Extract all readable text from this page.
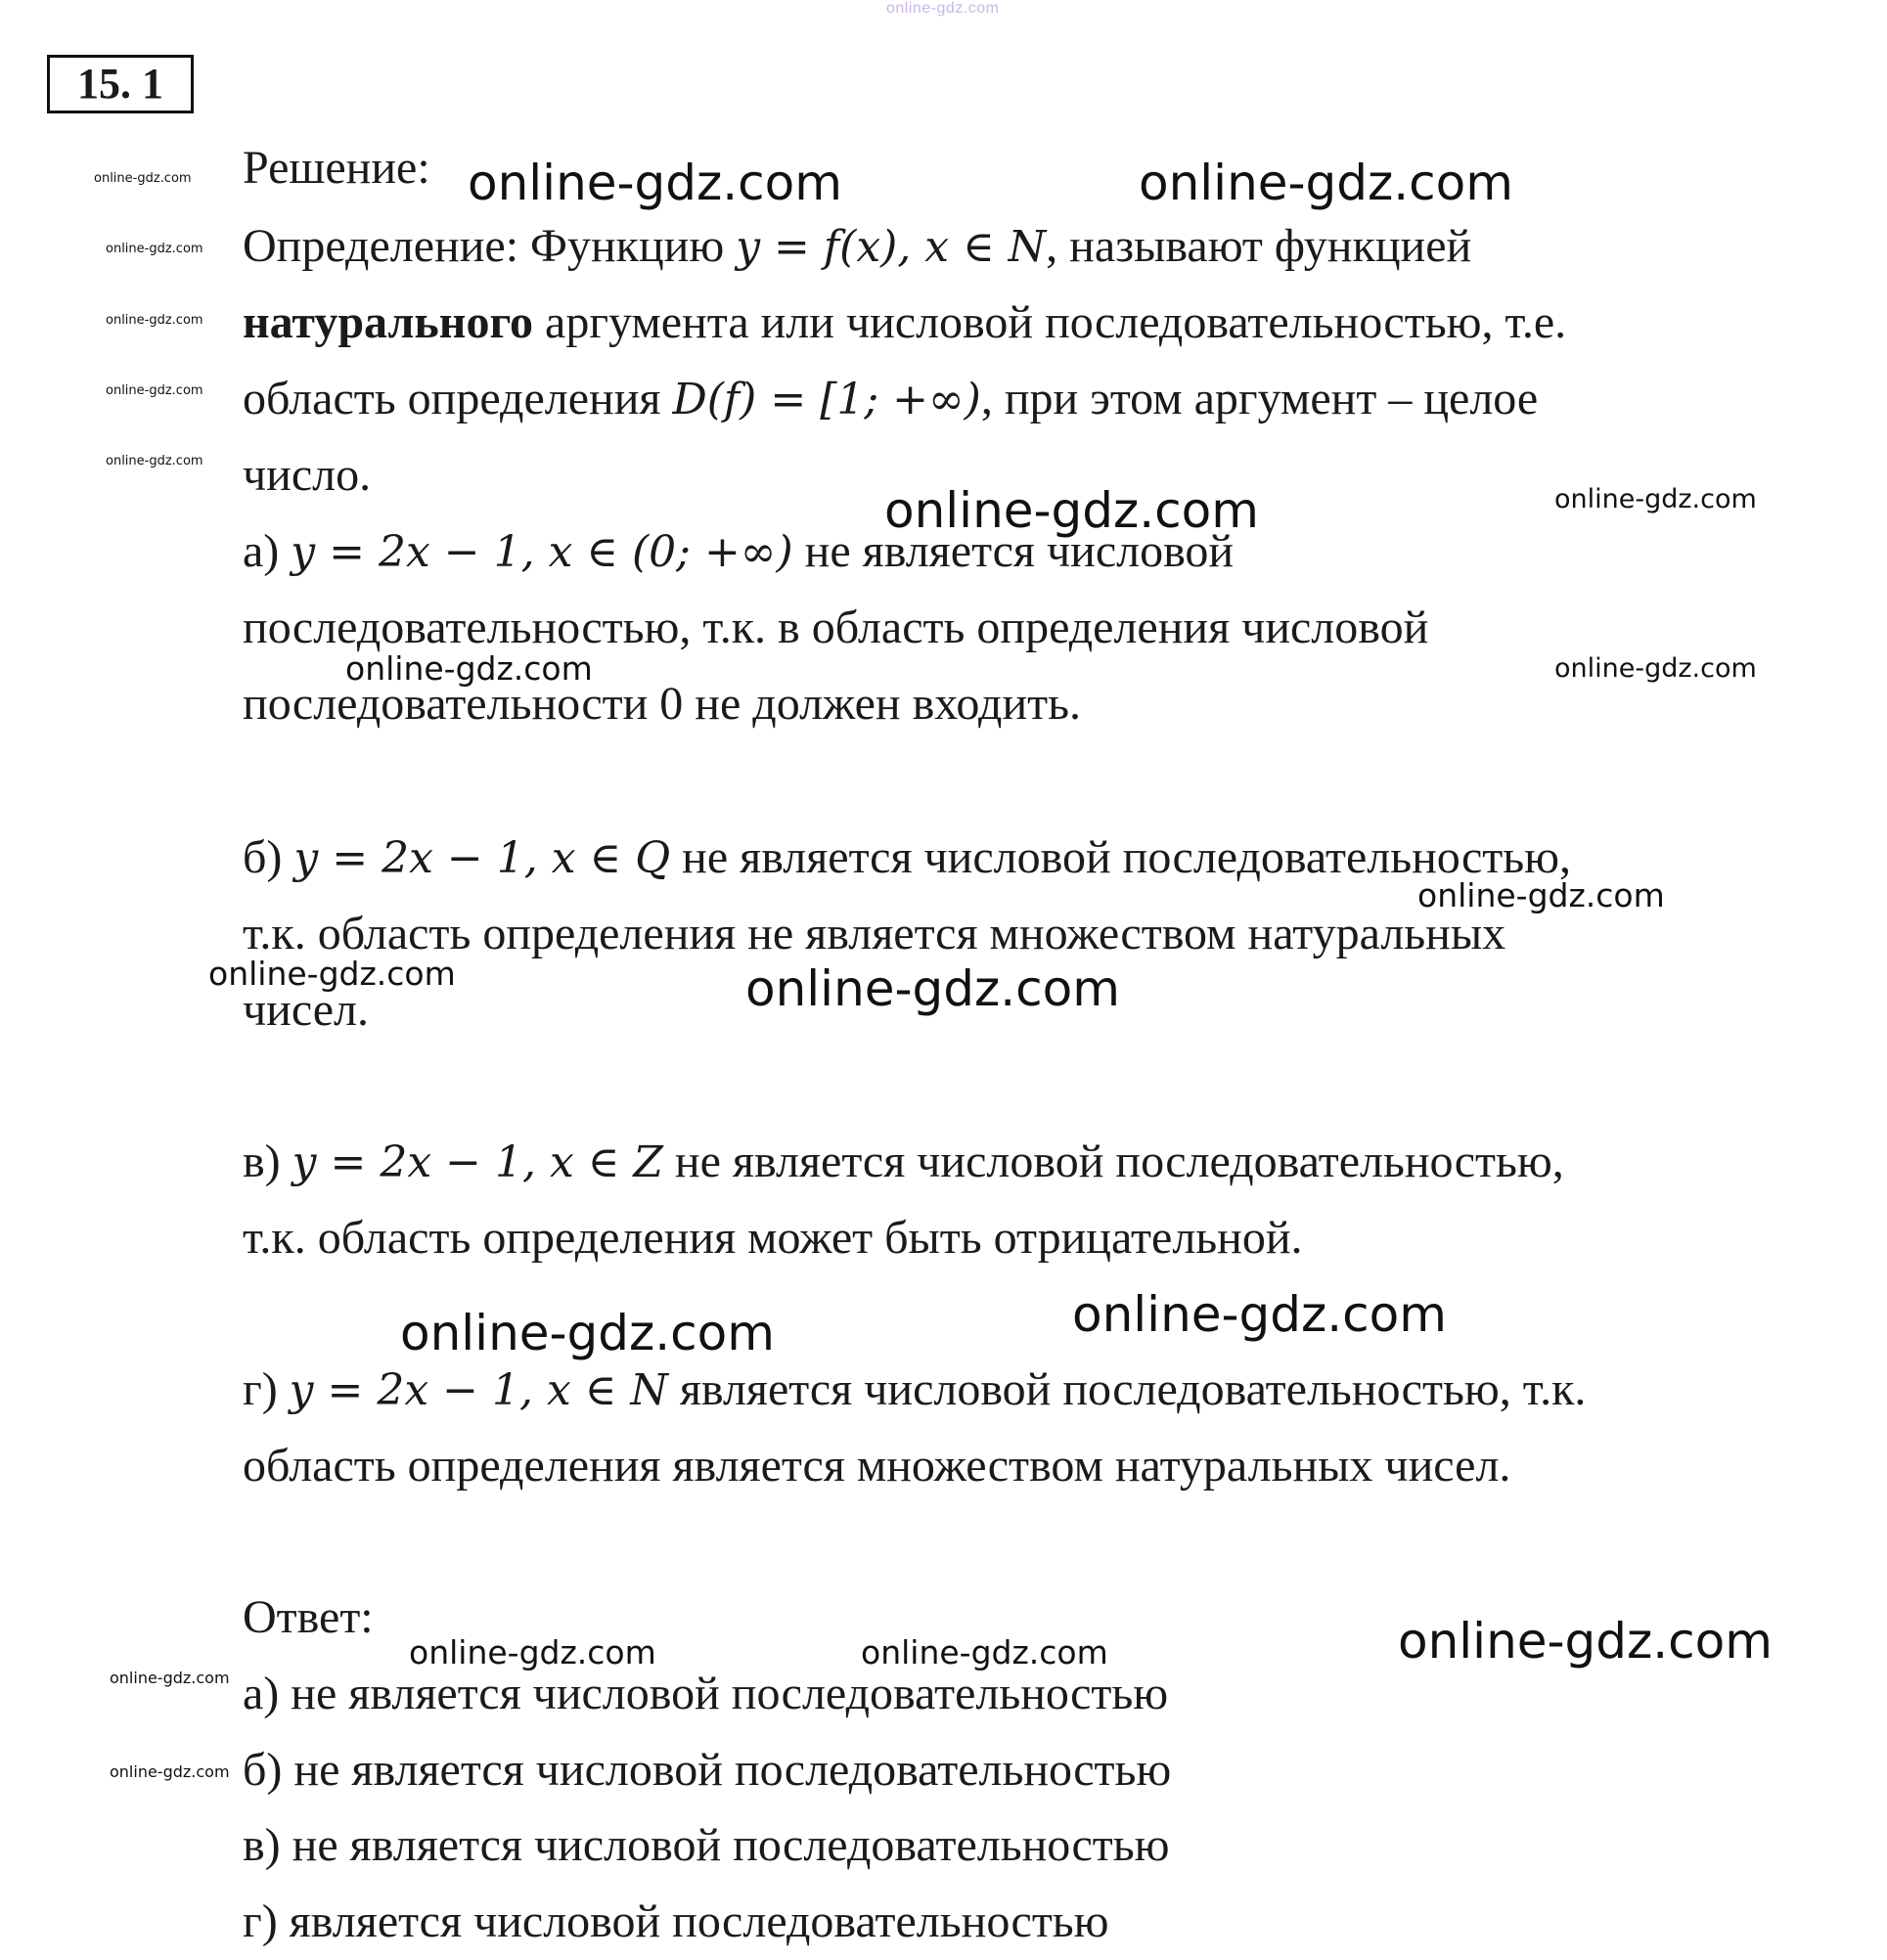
online-gdz.com
15. 1
Решение:
Определение: Функцию y = f(x), x ∈ N, называют функцией
натурального аргумента или числовой последовательностью, т.е.
область определения D(f) = [1; +∞), при этом аргумент – целое
число.
а) y = 2x − 1, x ∈ (0; +∞) не является числовой
последовательностью, т.к. в область определения числовой
последовательности 0 не должен входить.
б) y = 2x − 1, x ∈ Q не является числовой последовательностью,
т.к. область определения не является множеством натуральных
чисел.
в) y = 2x − 1, x ∈ Z не является числовой последовательностью,
т.к. область определения может быть отрицательной.
г) y = 2x − 1, x ∈ N является числовой последовательностью, т.к.
область определения является множеством натуральных чисел.
Ответ:
а) не является числовой последовательностью
б) не является числовой последовательностью
в) не является числовой последовательностью
г) является числовой последовательностью
online-gdz.com	online-gdz.com
online-gdz.com
online-gdz.com
online-gdz.com
online-gdz.com
online-gdz.com
online-gdz.com	online-gdz.com
online-gdz.com	online-gdz.com
online-gdz.com
online-gdz.com	online-gdz.com
online-gdz.com
online-gdz.com
online-gdz.com
online-gdz.com	online-gdz.com
online-gdz.com
online-gdz.com
